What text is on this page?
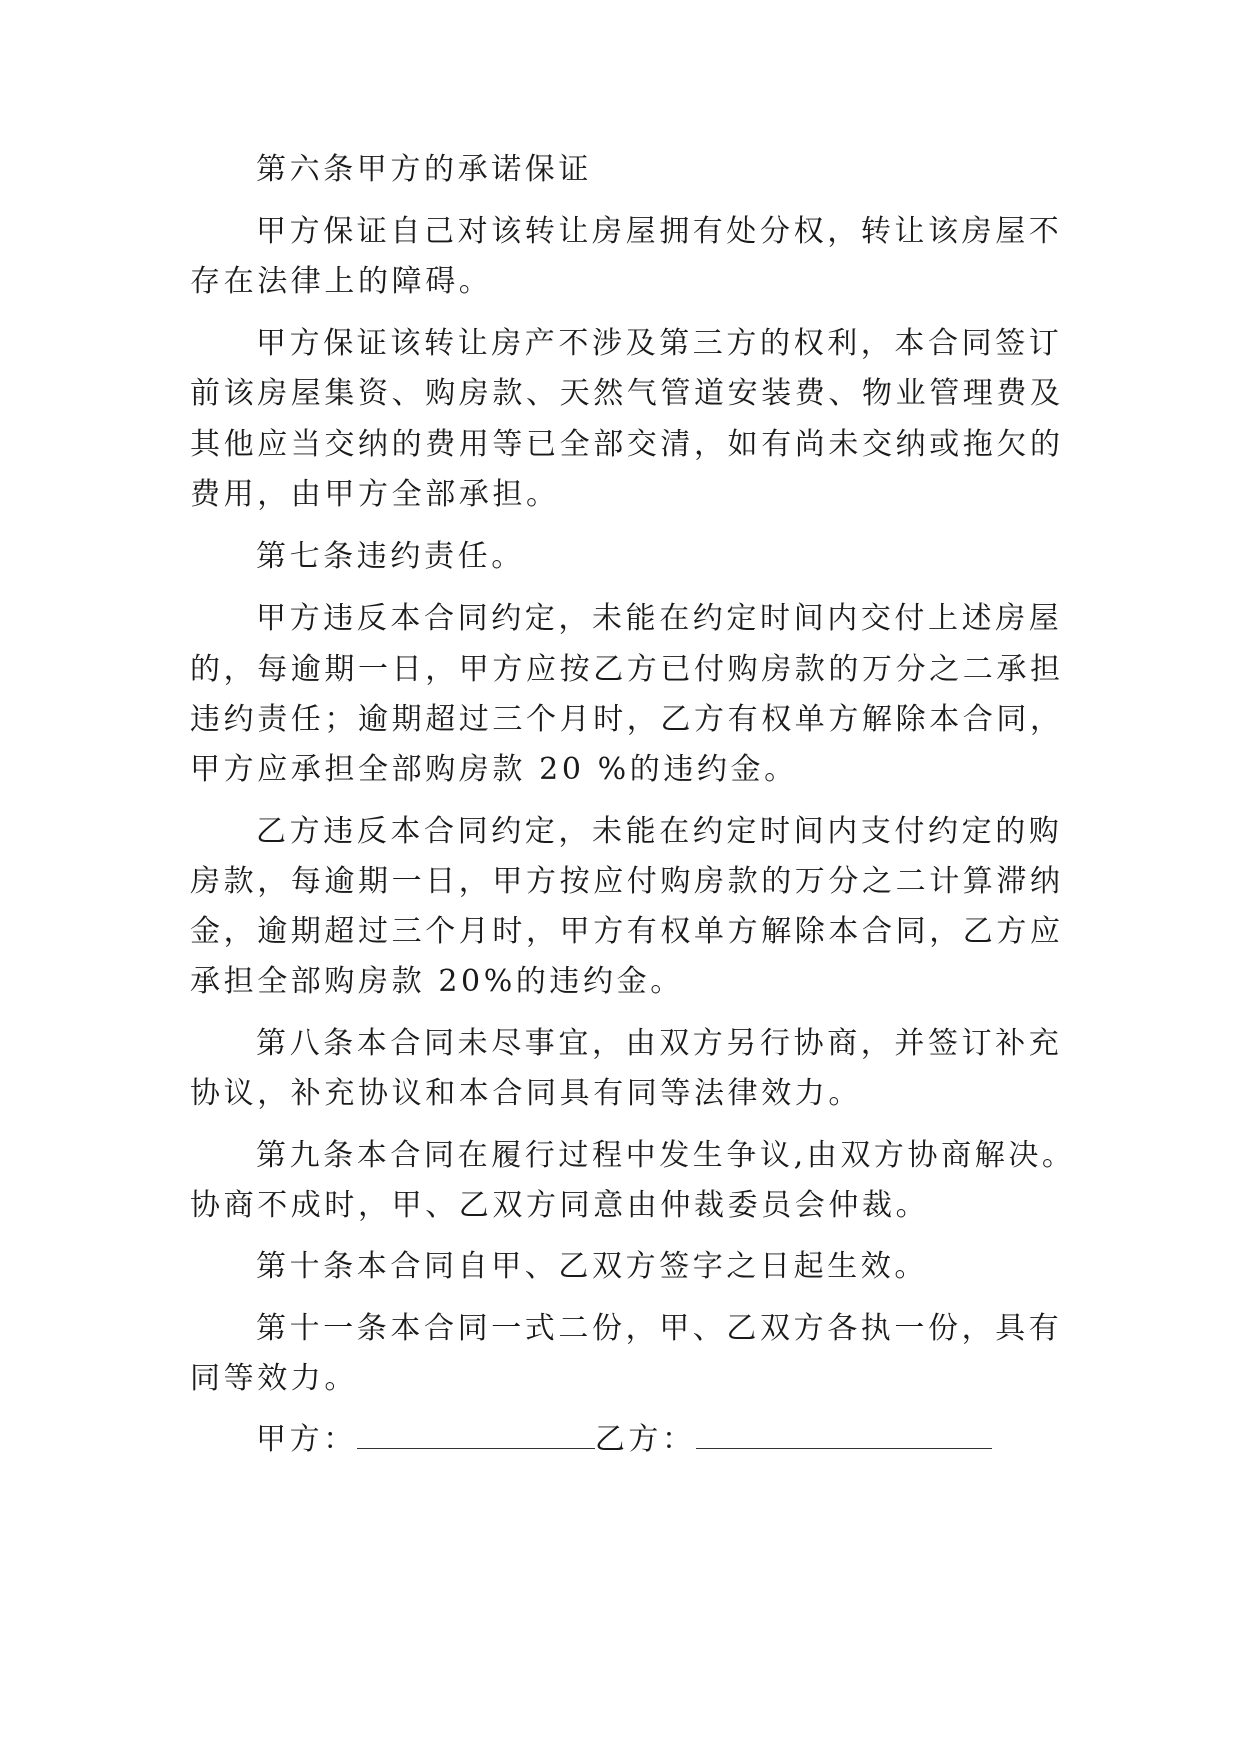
第六条甲方的承诺保证
甲方保证自己对该转让房屋拥有处分权，转让该房屋不
存在法律上的障碍。
甲方保证该转让房产不涉及第三方的权利，本合同签订
前该房屋集资、购房款、天然气管道安装费、物业管理费及
其他应当交纳的费用等已全部交清，如有尚未交纳或拖欠的
费用，由甲方全部承担。
第七条违约责任。
甲方违反本合同约定，未能在约定时间内交付上述房屋
的，每逾期一日，甲方应按乙方已付购房款的万分之二承担
违约责任；逾期超过三个月时，乙方有权单方解除本合同，
甲方应承担全部购房款 20 %的违约金。
乙方违反本合同约定，未能在约定时间内支付约定的购
房款，每逾期一日，甲方按应付购房款的万分之二计算滞纳
金，逾期超过三个月时，甲方有权单方解除本合同，乙方应
承担全部购房款 20%的违约金。
第八条本合同未尽事宜，由双方另行协商，并签订补充
协议，补充协议和本合同具有同等法律效力。
第九条本合同在履行过程中发生争议,由双方协商解决。
协商不成时，甲、乙双方同意由仲裁委员会仲裁。
第十条本合同自甲、乙双方签字之日起生效。
第十一条本合同一式二份，甲、乙双方各执一份，具有
同等效力。
甲方：	乙方：
